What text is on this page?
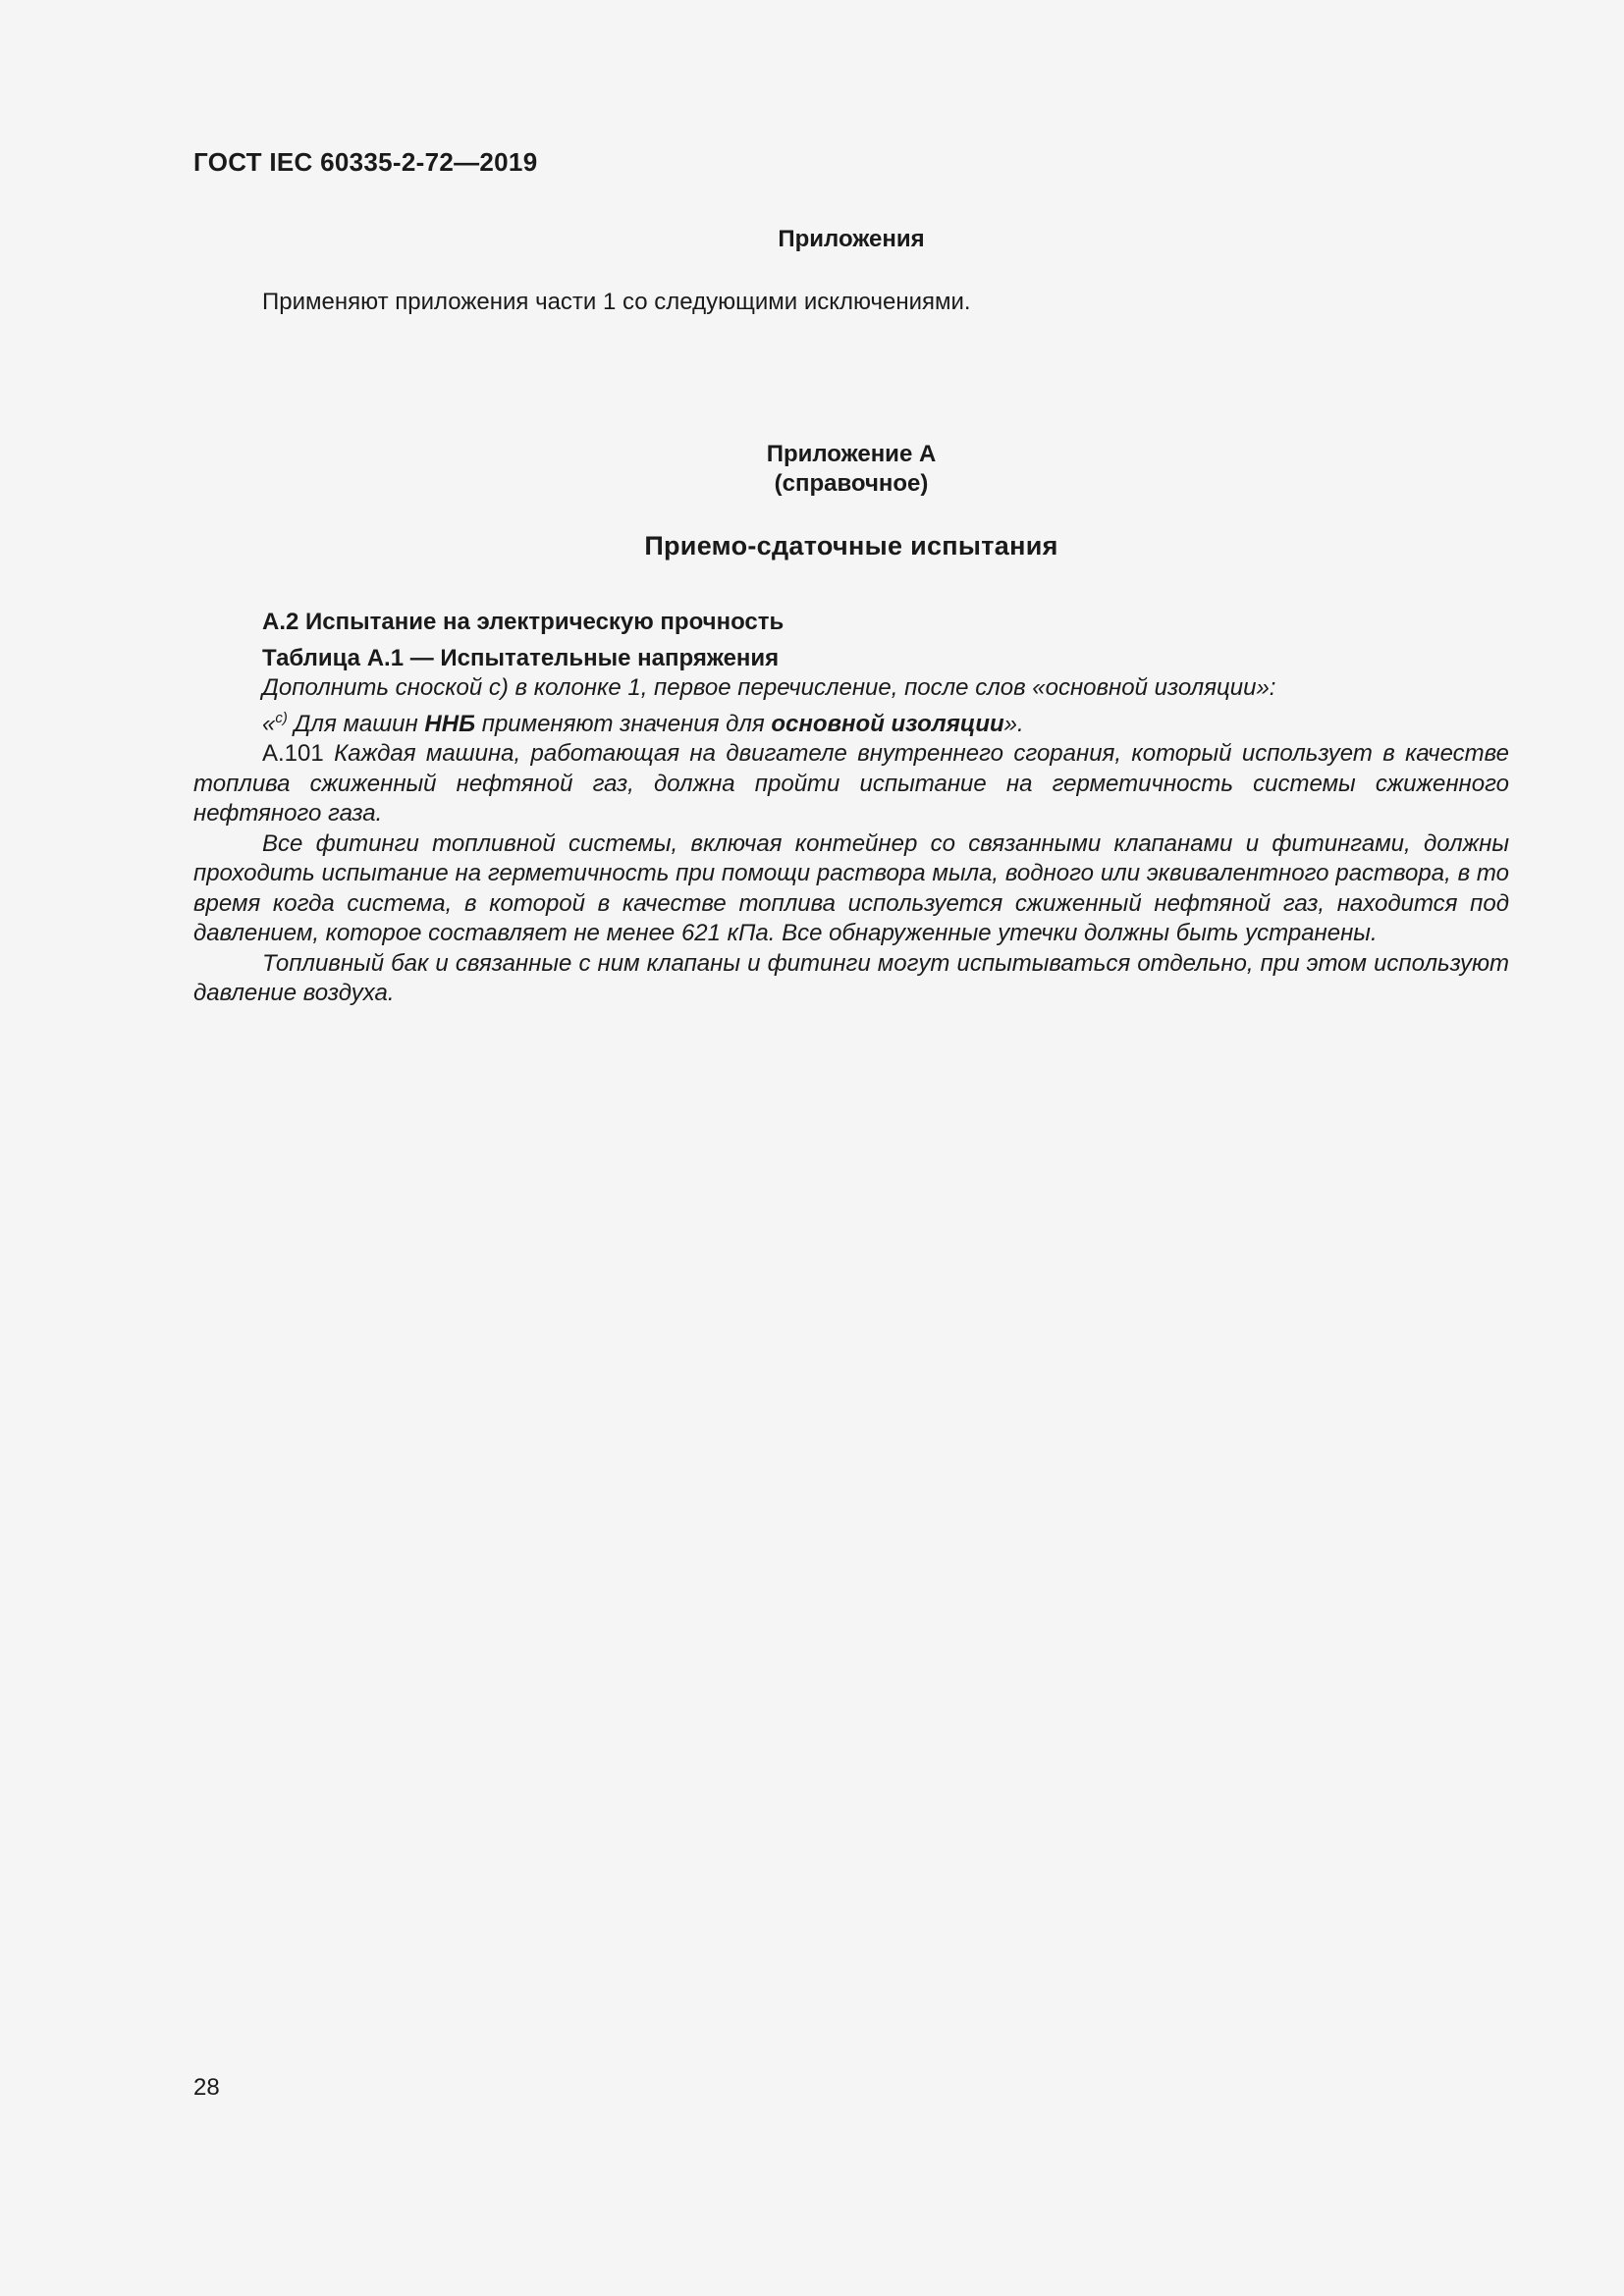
ГОСТ IEC 60335-2-72—2019
Приложения
Применяют приложения части 1 со следующими исключениями.
Приложение А
(справочное)
Приемо-сдаточные испытания

А.2 Испытание на электрическую прочность

Таблица А.1 — Испытательные напряжения

Дополнить сноской с) в колонке 1, первое перечисление, после слов «основной изоляции»:

«$^{c)}$ Для машин ННБ применяют значения для основной изоляции».

А.101 Каждая машина, работающая на двигателе внутреннего сгорания, который использует в качестве топлива сжиженный нефтяной газ, должна пройти испытание на герметичность системы сжиженного нефтяного газа.

Все фитинги топливной системы, включая контейнер со связанными клапанами и фитингами, должны проходить испытание на герметичность при помощи раствора мыла, водного или эквивалентного раствора, в то время когда система, в которой в качестве топлива используется сжиженный нефтяной газ, находится под давлением, которое составляет не менее 621 кПа. Все обнаруженные утечки должны быть устранены.

Топливный бак и связанные с ним клапаны и фитинги могут испытываться отдельно, при этом используют давление воздуха.

28
